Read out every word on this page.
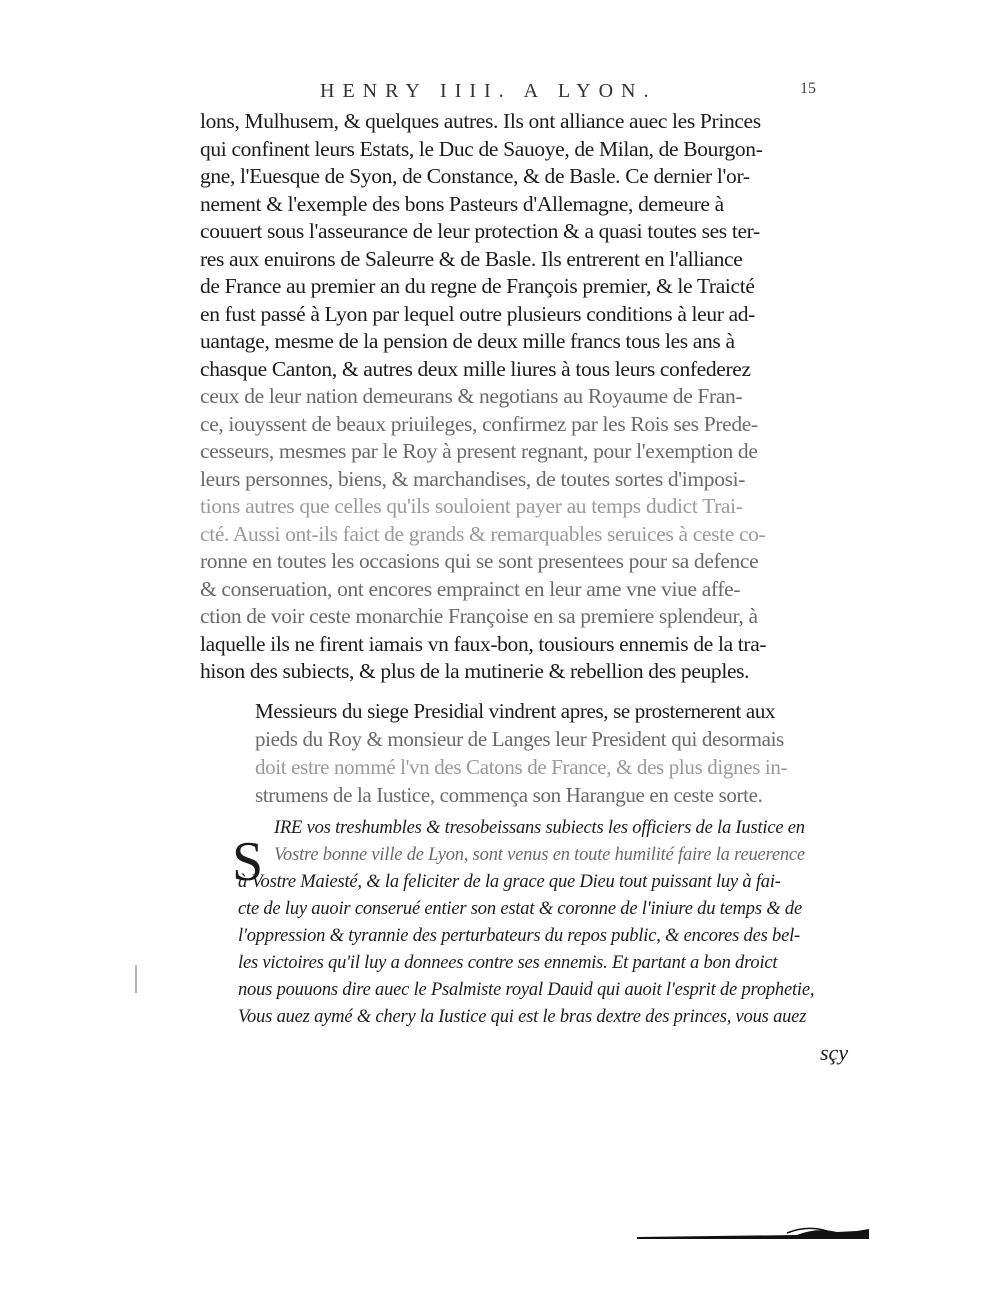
HENRY IIII. A LYON.	15
lons, Mulhusem, & quelques autres. Ils ont alliance auec les Princes
qui confinent leurs Estats, le Duc de Sauoye, de Milan, de Bourgon-
gne, l'Euesque de Syon, de Constance, & de Basle. Ce dernier l'or-
nement & l'exemple des bons Pasteurs d'Allemagne, demeure à
couuert sous l'asseurance de leur protection & a quasi toutes ses ter-
res aux enuirons de Saleurre & de Basle. Ils entrerent en l'alliance
de France au premier an du regne de François premier, & le Traicté
en fust passé à Lyon par lequel outre plusieurs conditions à leur ad-
uantage, mesme de la pension de deux mille francs tous les ans à
chasque Canton, & autres deux mille liures à tous leurs confederez
ceux de leur nation demeurans & negotians au Royaume de Fran-
ce, iouyssent de beaux priuileges, confirmez par les Rois ses Prede-
cesseurs, mesmes par le Roy à present regnant, pour l'exemption de
leurs personnes, biens, & marchandises, de toutes sortes d'imposi-
tions autres que celles qu'ils souloient payer au temps dudict Trai-
cté. Aussi ont-ils faict de grands & remarquables seruices à ceste co-
ronne en toutes les occasions qui se sont presentees pour sa defence
& conseruation, ont encores emprainct en leur ame vne viue affe-
ction de voir ceste monarchie Françoise en sa premiere splendeur, à
laquelle ils ne firent iamais vn faux-bon, tousiours ennemis de la tra-
hison des subiects, & plus de la mutinerie & rebellion des peuples.
Messieurs du siege Presidial vindrent apres, se prosternerent aux
pieds du Roy & monsieur de Langes leur President qui desormais
doit estre nommé l'vn des Catons de France, & des plus dignes in-
strumens de la Iustice, commença son Harangue en ceste sorte.
S
IRE vos treshumbles & tresobeissans subiects les officiers de la Iustice en
Vostre bonne ville de Lyon, sont venus en toute humilité faire la reuerence
à Vostre Maiesté, & la feliciter de la grace que Dieu tout puissant luy à fai-
cte de luy auoir conserué entier son estat & coronne de l'iniure du temps & de
l'oppression & tyrannie des perturbateurs du repos public, & encores des bel-
les victoires qu'il luy a donnees contre ses ennemis. Et partant a bon droict
nous pouuons dire auec le Psalmiste royal Dauid qui auoit l'esprit de prophetie,
Vous auez aymé & chery la Iustice qui est le bras dextre des princes, vous auez
sçy
